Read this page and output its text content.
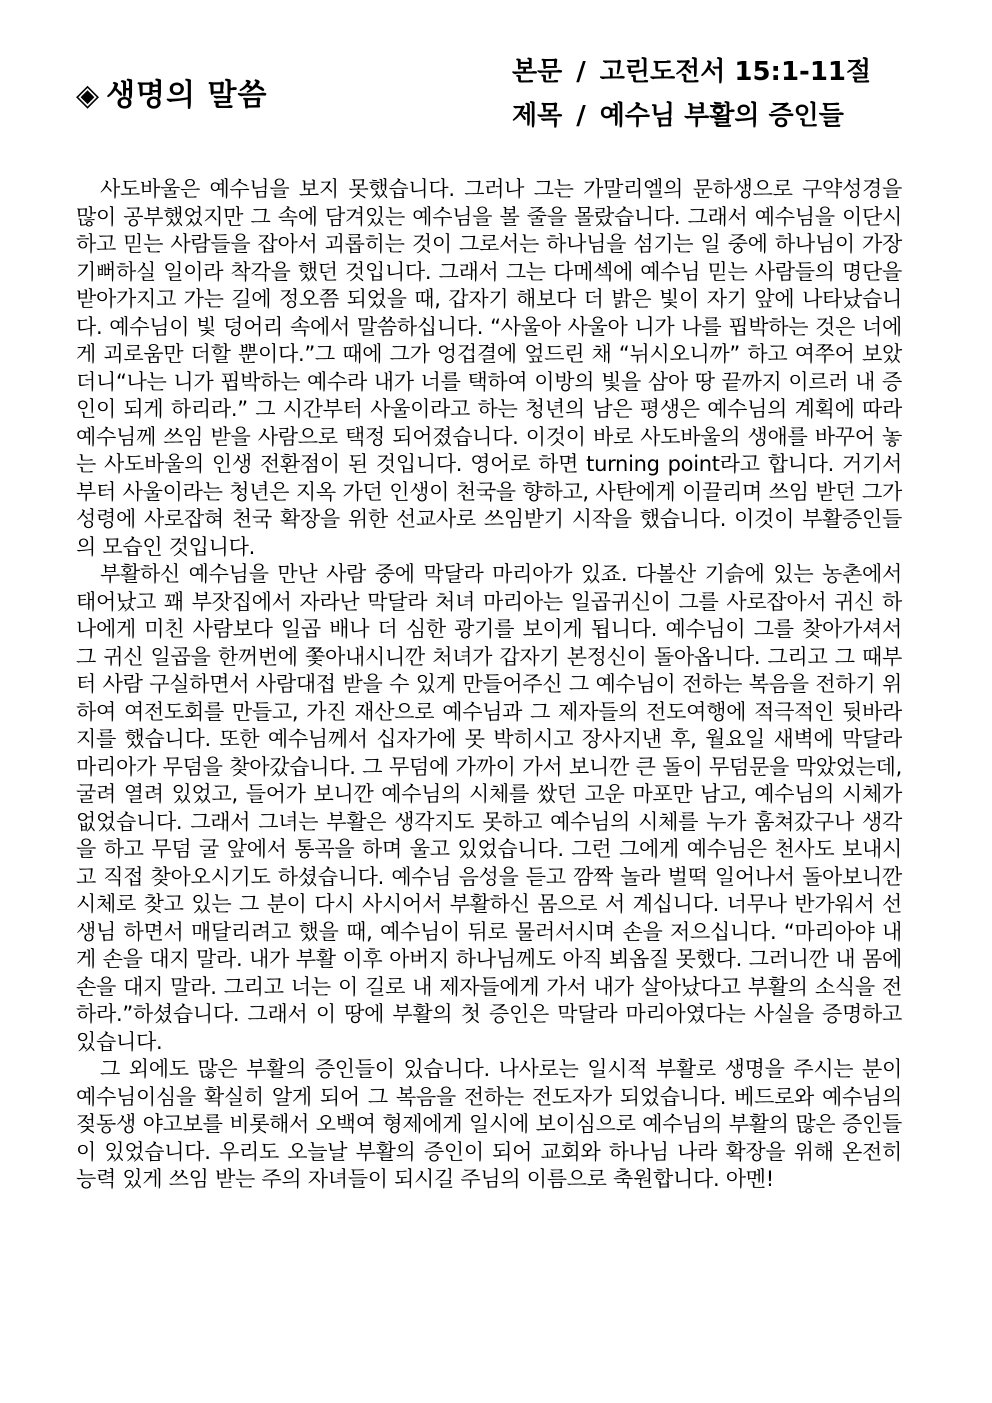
◈ 생명의 말씀
본문 / 고린도전서 15:1-11절
제목 / 예수님 부활의 증인들

사도바울은 예수님을 보지 못했습니다. 그러나 그는 가말리엘의 문하생으로 구약성경을 많이 공부했었지만 그 속에 담겨있는 예수님을 볼 줄을 몰랐습니다. 그래서 예수님을 이단시하고 믿는 사람들을 잡아서 괴롭히는 것이 그로서는 하나님을 섬기는 일 중에 하나님이 가장 기뻐하실 일이라 착각을 했던 것입니다. 그래서 그는 다메섹에 예수님 믿는 사람들의 명단을 받아가지고 가는 길에 정오쯤 되었을 때, 갑자기 해보다 더 밝은 빛이 자기 앞에 나타났습니다. 예수님이 빛 덩어리 속에서 말씀하십니다. “사울아 사울아 니가 나를 핍박하는 것은 너에게 괴로움만 더할 뿐이다.”그 때에 그가 엉겁결에 엎드린 채 “뉘시오니까” 하고 여쭈어 보았더니“나는 니가 핍박하는 예수라 내가 너를 택하여 이방의 빛을 삼아 땅 끝까지 이르러 내 증인이 되게 하리라.” 그 시간부터 사울이라고 하는 청년의 남은 평생은 예수님의 계획에 따라 예수님께 쓰임 받을 사람으로 택정 되어졌습니다. 이것이 바로 사도바울의 생애를 바꾸어 놓는 사도바울의 인생 전환점이 된 것입니다. 영어로 하면 turning point라고 합니다. 거기서부터 사울이라는 청년은 지옥 가던 인생이 천국을 향하고, 사탄에게 이끌리며 쓰임 받던 그가 성령에 사로잡혀 천국 확장을 위한 선교사로 쓰임받기 시작을 했습니다. 이것이 부활증인들의 모습인 것입니다.

부활하신 예수님을 만난 사람 중에 막달라 마리아가 있죠. 다볼산 기슭에 있는 농촌에서 태어났고 꽤 부잣집에서 자라난 막달라 처녀 마리아는 일곱귀신이 그를 사로잡아서 귀신 하나에게 미친 사람보다 일곱 배나 더 심한 광기를 보이게 됩니다. 예수님이 그를 찾아가셔서 그 귀신 일곱을 한꺼번에 쫓아내시니깐 처녀가 갑자기 본정신이 돌아옵니다. 그리고 그 때부터 사람 구실하면서 사람대접 받을 수 있게 만들어주신 그 예수님이 전하는 복음을 전하기 위하여 여전도회를 만들고, 가진 재산으로 예수님과 그 제자들의 전도여행에 적극적인 뒷바라지를 했습니다. 또한 예수님께서 십자가에 못 박히시고 장사지낸 후, 월요일 새벽에 막달라 마리아가 무덤을 찾아갔습니다. 그 무덤에 가까이 가서 보니깐 큰 돌이 무덤문을 막았었는데, 굴려 열려 있었고, 들어가 보니깐 예수님의 시체를 쌌던 고운 마포만 남고, 예수님의 시체가 없었습니다. 그래서 그녀는 부활은 생각지도 못하고 예수님의 시체를 누가 훔쳐갔구나 생각을 하고 무덤 굴 앞에서 통곡을 하며 울고 있었습니다. 그런 그에게 예수님은 천사도 보내시고 직접 찾아오시기도 하셨습니다. 예수님 음성을 듣고 깜짝 놀라 벌떡 일어나서 돌아보니깐 시체로 찾고 있는 그 분이 다시 사시어서 부활하신 몸으로 서 계십니다. 너무나 반가워서 선생님 하면서 매달리려고 했을 때, 예수님이 뒤로 물러서시며 손을 저으십니다. “마리아야 내게 손을 대지 말라. 내가 부활 이후 아버지 하나님께도 아직 뵈옵질 못했다. 그러니깐 내 몸에 손을 대지 말라. 그리고 너는 이 길로 내 제자들에게 가서 내가 살아났다고 부활의 소식을 전하라.”하셨습니다. 그래서 이 땅에 부활의 첫 증인은 막달라 마리아였다는 사실을 증명하고 있습니다.

그 외에도 많은 부활의 증인들이 있습니다. 나사로는 일시적 부활로 생명을 주시는 분이 예수님이심을 확실히 알게 되어 그 복음을 전하는 전도자가 되었습니다. 베드로와 예수님의 젖동생 야고보를 비롯해서 오백여 형제에게 일시에 보이심으로 예수님의 부활의 많은 증인들이 있었습니다. 우리도 오늘날 부활의 증인이 되어 교회와 하나님 나라 확장을 위해 온전히 능력 있게 쓰임 받는 주의 자녀들이 되시길 주님의 이름으로 축원합니다. 아멘!
